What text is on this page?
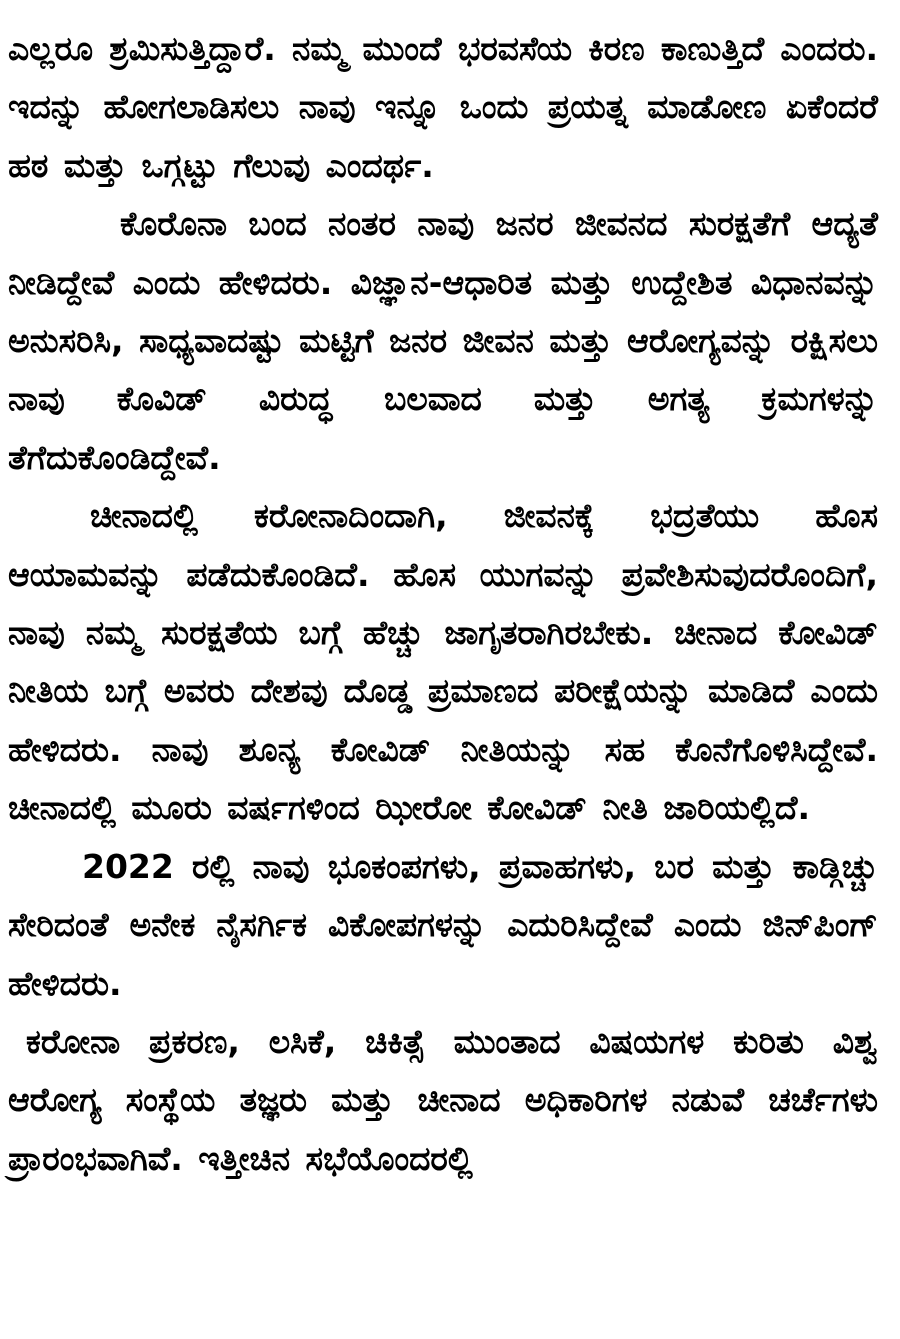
ಎಲ್ಲರೂ ಶ್ರಮಿಸುತ್ತಿದ್ದಾರೆ. ನಮ್ಮ ಮುಂದೆ ಭರವಸೆಯ ಕಿರಣ ಕಾಣುತ್ತಿದೆ ಎಂದರು. ಇದನ್ನು ಹೋಗಲಾಡಿಸಲು ನಾವು ಇನ್ನೂ ಒಂದು ಪ್ರಯತ್ನ ಮಾಡೋಣ ಏಕೆಂದರೆ ಹಠ ಮತ್ತು ಒಗ್ಗಟ್ಟು ಗೆಲುವು ಎಂದರ್ಥ.

ಕೊರೊನಾ ಬಂದ ನಂತರ ನಾವು ಜನರ ಜೀವನದ ಸುರಕ್ಷತೆಗೆ ಆದ್ಯತೆ ನೀಡಿದ್ದೇವೆ ಎಂದು ಹೇಳಿದರು. ವಿಜ್ಞಾನ-ಆಧಾರಿತ ಮತ್ತು ಉದ್ದೇಶಿತ ವಿಧಾನವನ್ನು ಅನುಸರಿಸಿ, ಸಾಧ್ಯವಾದಷ್ಟು ಮಟ್ಟಿಗೆ ಜನರ ಜೀವನ ಮತ್ತು ಆರೋಗ್ಯವನ್ನು ರಕ್ಷಿಸಲು ನಾವು ಕೊವಿಡ್ ವಿರುದ್ಧ ಬಲವಾದ ಮತ್ತು ಅಗತ್ಯ ಕ್ರಮಗಳನ್ನು ತೆಗೆದುಕೊಂಡಿದ್ದೇವೆ.

ಚೀನಾದಲ್ಲಿ ಕರೋನಾದಿಂದಾಗಿ, ಜೀವನಕ್ಕೆ ಭದ್ರತೆಯು ಹೊಸ ಆಯಾಮವನ್ನು ಪಡೆದುಕೊಂಡಿದೆ. ಹೊಸ ಯುಗವನ್ನು ಪ್ರವೇಶಿಸುವುದರೊಂದಿಗೆ, ನಾವು ನಮ್ಮ ಸುರಕ್ಷತೆಯ ಬಗ್ಗೆ ಹೆಚ್ಚು ಜಾಗೃತರಾಗಿರಬೇಕು. ಚೀನಾದ ಕೋವಿಡ್ ನೀತಿಯ ಬಗ್ಗೆ ಅವರು ದೇಶವು ದೊಡ್ಡ ಪ್ರಮಾಣದ ಪರೀಕ್ಷೆಯನ್ನು ಮಾಡಿದೆ ಎಂದು ಹೇಳಿದರು. ನಾವು ಶೂನ್ಯ ಕೋವಿಡ್ ನೀತಿಯನ್ನು ಸಹ ಕೊನೆಗೊಳಿಸಿದ್ದೇವೆ. ಚೀನಾದಲ್ಲಿ ಮೂರು ವರ್ಷಗಳಿಂದ ಝೀರೋ ಕೋವಿಡ್ ನೀತಿ ಜಾರಿಯಲ್ಲಿದೆ.

2022 ರಲ್ಲಿ ನಾವು ಭೂಕಂಪಗಳು, ಪ್ರವಾಹಗಳು, ಬರ ಮತ್ತು ಕಾಡ್ಗಿಚ್ಚು ಸೇರಿದಂತೆ ಅನೇಕ ನೈಸರ್ಗಿಕ ವಿಕೋಪಗಳನ್ನು ಎದುರಿಸಿದ್ದೇವೆ ಎಂದು ಜಿನ್‌ಪಿಂಗ್ ಹೇಳಿದರು.

ಕರೋನಾ ಪ್ರಕರಣ, ಲಸಿಕೆ, ಚಿಕಿತ್ಸೆ ಮುಂತಾದ ವಿಷಯಗಳ ಕುರಿತು ವಿಶ್ವ ಆರೋಗ್ಯ ಸಂಸ್ಥೆಯ ತಜ್ಞರು ಮತ್ತು ಚೀನಾದ ಅಧಿಕಾರಿಗಳ ನಡುವೆ ಚರ್ಚೆಗಳು ಪ್ರಾರಂಭವಾಗಿವೆ. ಇತ್ತೀಚಿನ ಸಭೆಯೊಂದರಲ್ಲಿ
